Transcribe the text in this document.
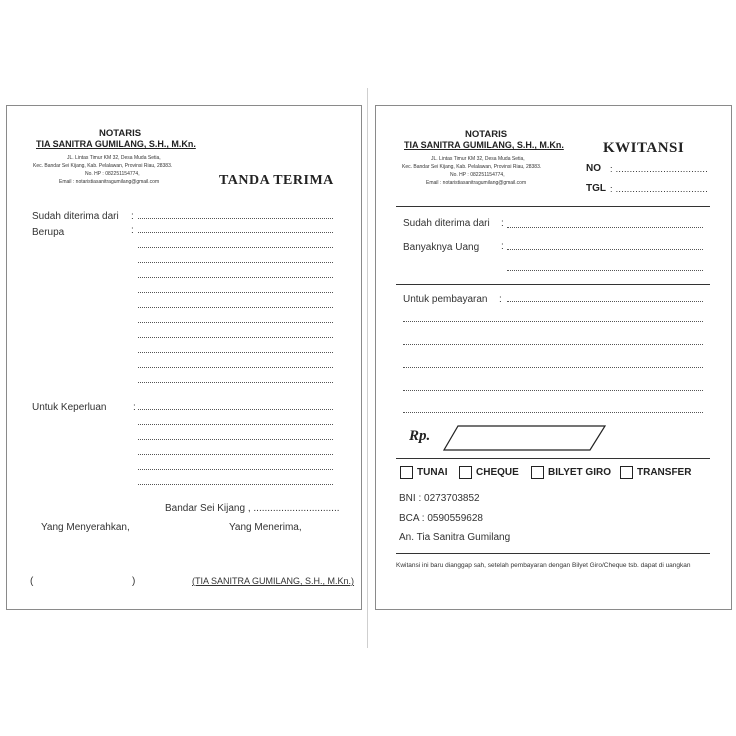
NOTARIS
TIA SANITRA GUMILANG, S.H., M.Kn.
JL. Lintas Timur KM 32, Desa Muda Setia,
Kec. Bandar Sei Kijang, Kab. Pelalawan, Provinsi Riau, 28383.
No. HP : 082251154774,
Email : notaristiasanitragumilang@gmail.com	TANDA TERIMA
Sudah diterima dari :
Berupa	:
Untuk Keperluan	:
Bandar Sei Kijang , ...............................
Yang Menyerahkan,	Yang Menerima,
(	)	(TIA SANITRA GUMILANG, S.H., M.Kn.)
NOTARIS
TIA SANITRA GUMILANG, S.H., M.Kn.
JL. Lintas Timur KM 32, Desa Muda Setia,
Kec. Bandar Sei Kijang, Kab. Pelalawan, Provinsi Riau, 28383.
No. HP : 082251154774,
Email : notaristiasanitragumilang@gmail.com
KWITANSI
NO : .................................
TGL : .................................
Sudah diterima dari :
Banyaknya Uang :
Untuk pembayaran :
Rp.
TUNAI	CHEQUE	BILYET GIRO	TRANSFER
BNI : 0273703852
BCA : 0590559628
An. Tia Sanitra Gumilang
Kwitansi ini baru dianggap sah, setelah pembayaran dengan Bilyet Giro/Cheque tsb. dapat di uangkan
